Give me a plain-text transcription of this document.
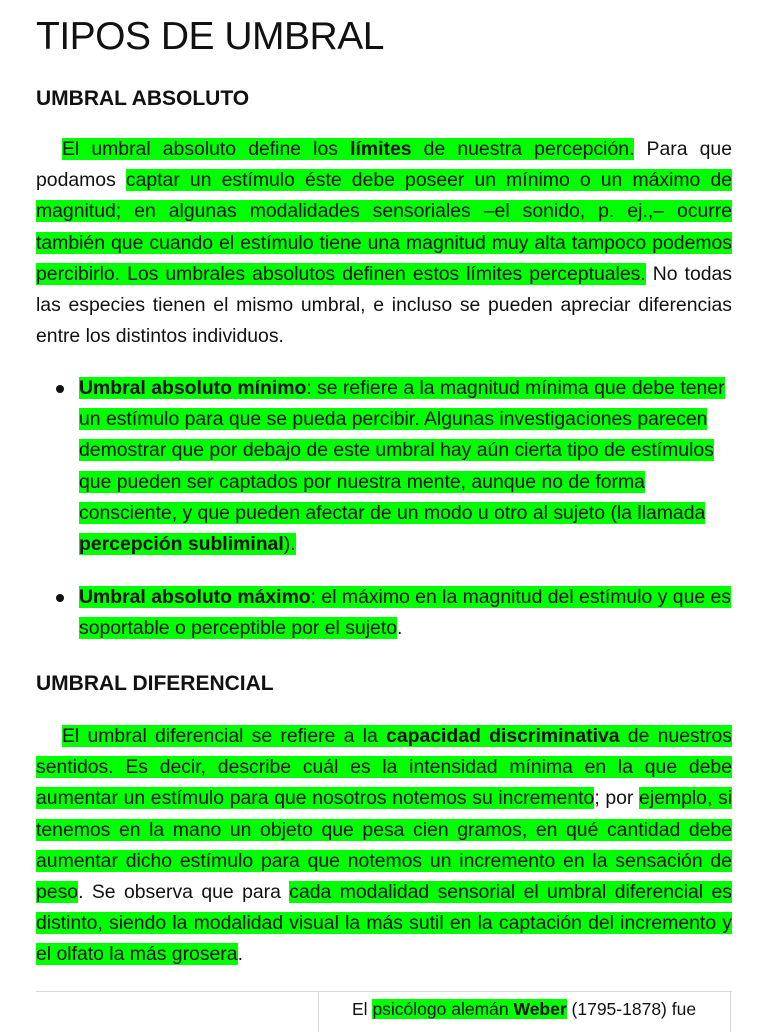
TIPOS DE UMBRAL
UMBRAL ABSOLUTO

El umbral absoluto define los límites de nuestra percepción. Para que podamos captar un estímulo éste debe poseer un mínimo o un máximo de magnitud; en algunas modalidades sensoriales –el sonido, p. ej.,– ocurre también que cuando el estímulo tiene una magnitud muy alta tampoco podemos percibirlo. Los umbrales absolutos definen estos límites perceptuales. No todas las especies tienen el mismo umbral, e incluso se pueden apreciar diferencias entre los distintos individuos.

Umbral absoluto mínimo: se refiere a la magnitud mínima que debe tener un estímulo para que se pueda percibir. Algunas investigaciones parecen demostrar que por debajo de este umbral hay aún cierta tipo de estímulos que pueden ser captados por nuestra mente, aunque no de forma consciente, y que pueden afectar de un modo u otro al sujeto (la llamada percepción subliminal).
Umbral absoluto máximo: el máximo en la magnitud del estímulo y que es soportable o perceptible por el sujeto.
UMBRAL DIFERENCIAL

El umbral diferencial se refiere a la capacidad discriminativa de nuestros sentidos. Es decir, describe cuál es la intensidad mínima en la que debe aumentar un estímulo para que nosotros notemos su incremento; por ejemplo, si tenemos en la mano un objeto que pesa cien gramos, en qué cantidad debe aumentar dicho estímulo para que notemos un incremento en la sensación de peso. Se observa que para cada modalidad sensorial el umbral diferencial es distinto, siendo la modalidad visual la más sutil en la captación del incremento y el olfato la más grosera.

El psicólogo alemán Weber (1795-1878) fue
